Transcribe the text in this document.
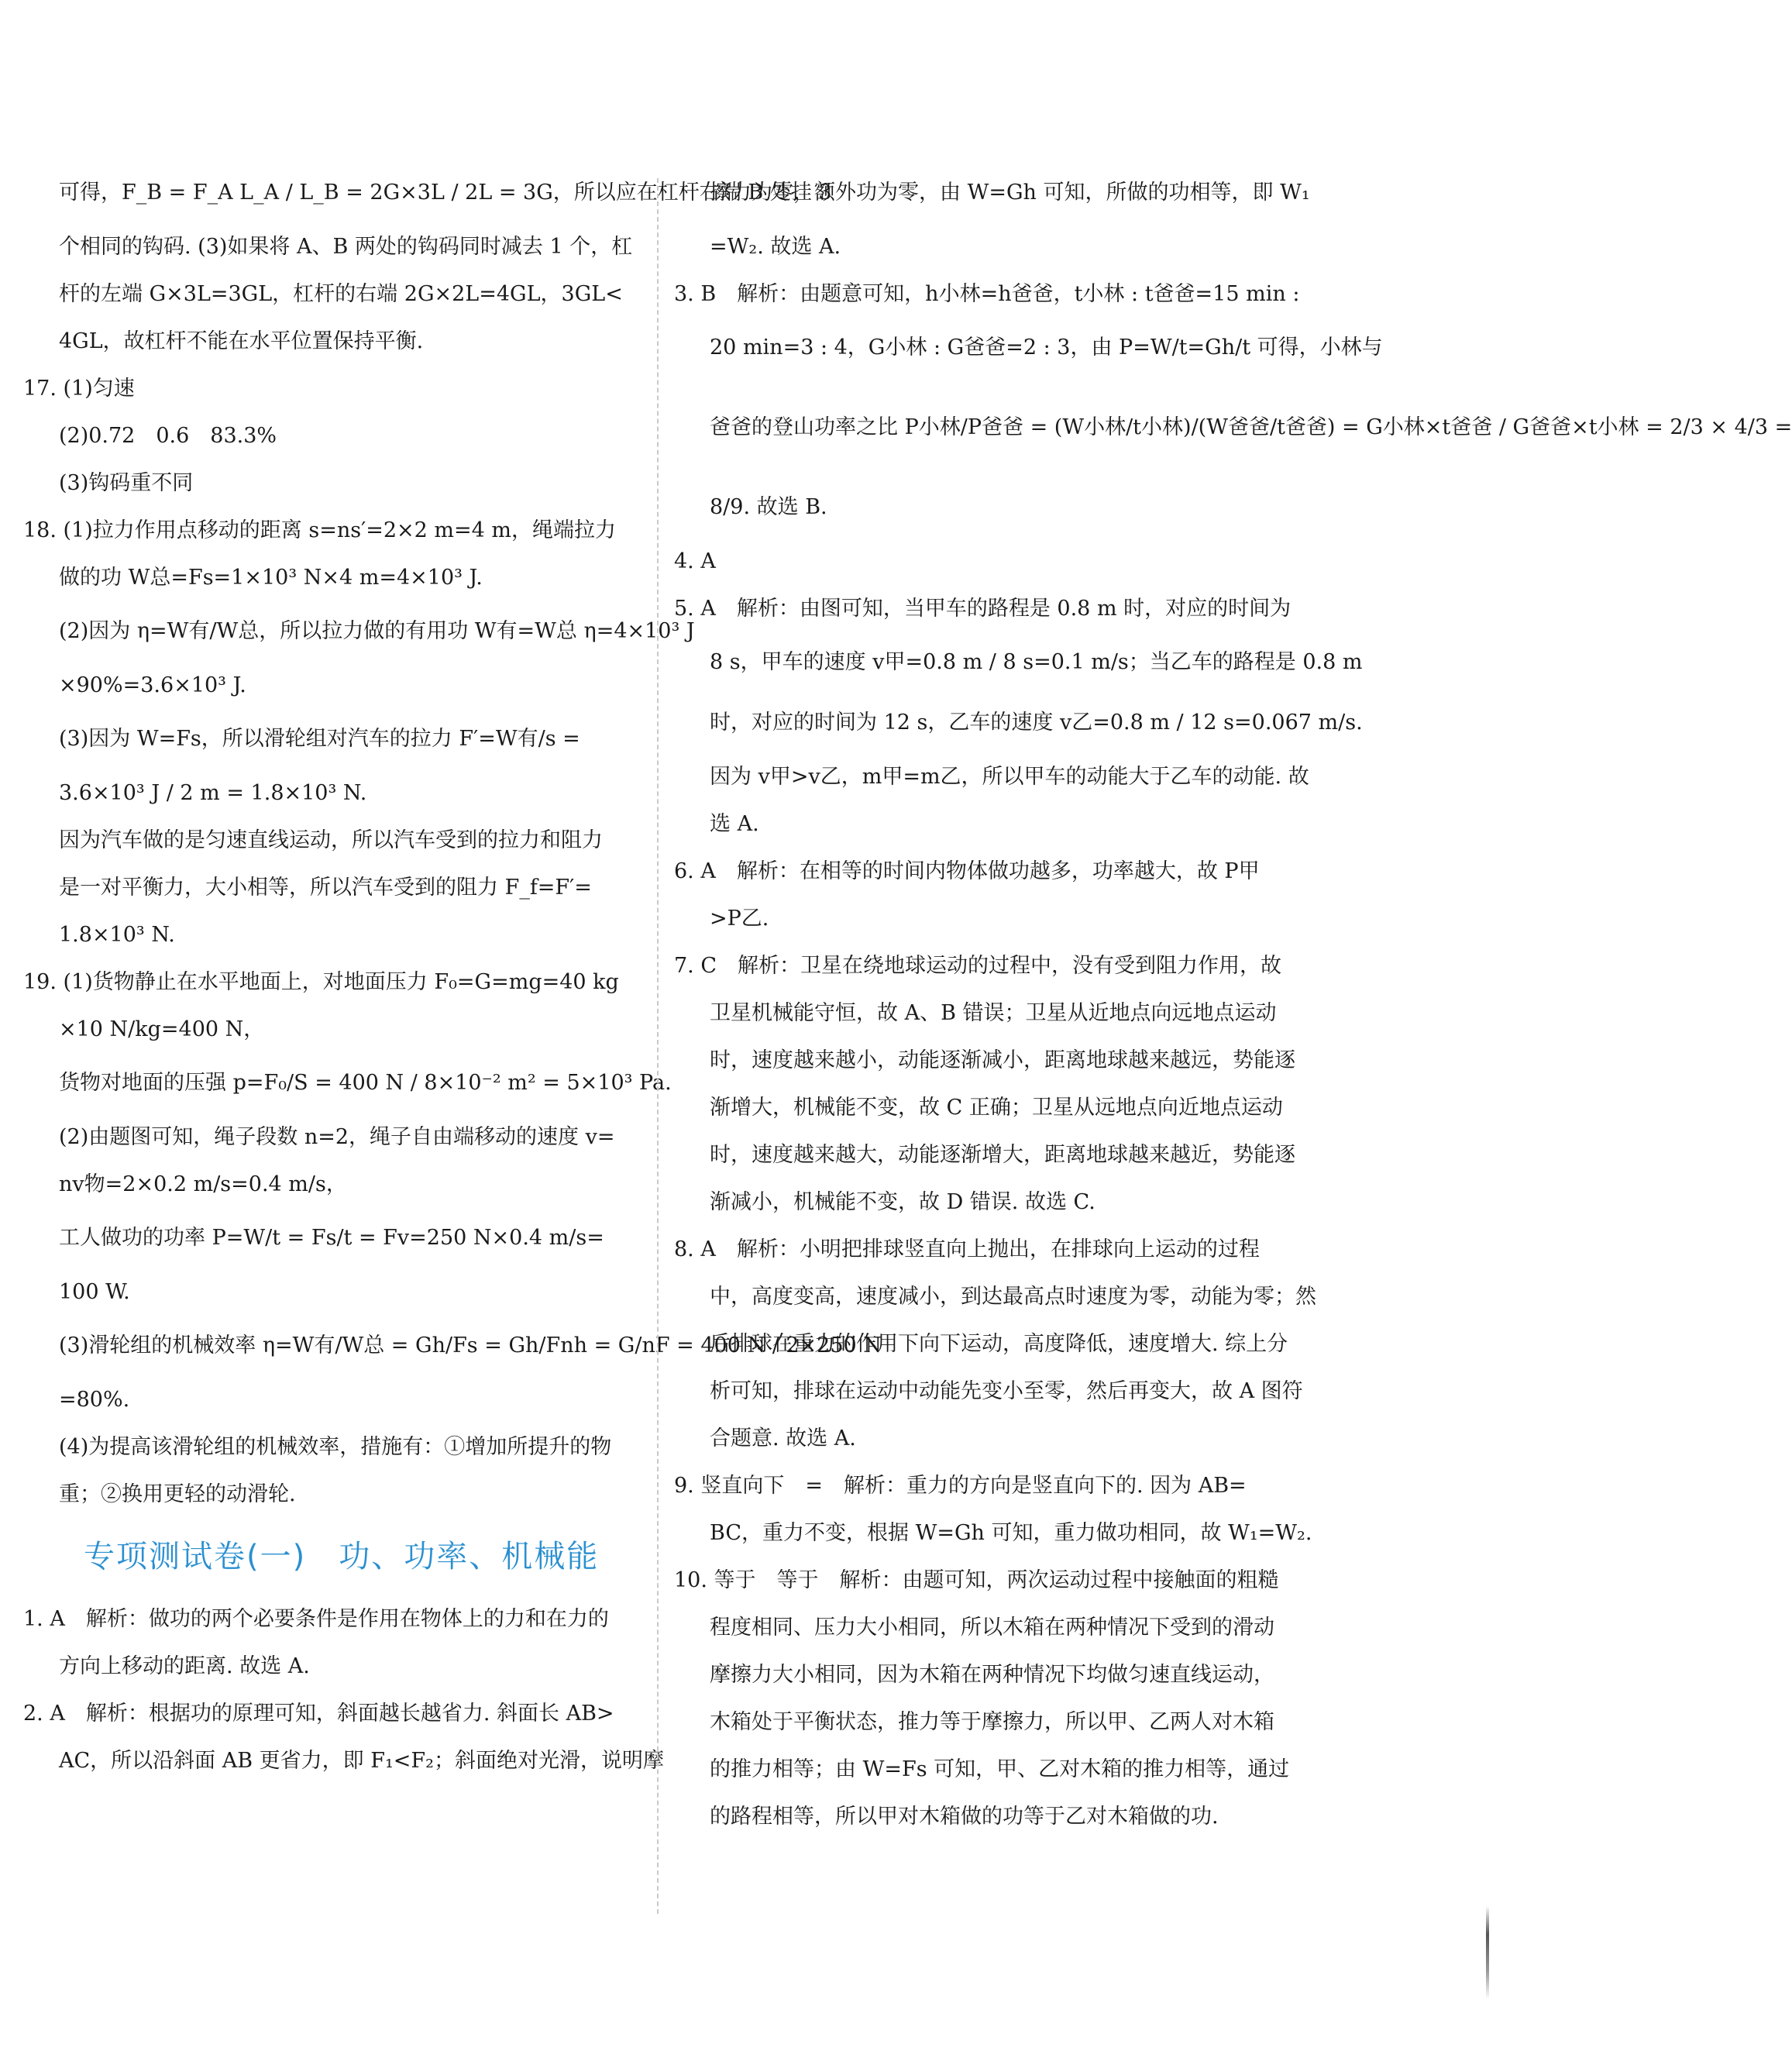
可得，F_B = F_A L_A / L_B = 2G×3L / 2L = 3G，所以应在杠杆右端 B 处挂 3
个相同的钩码. (3)如果将 A、B 两处的钩码同时减去 1 个，杠
杆的左端 G×3L=3GL，杠杆的右端 2G×2L=4GL，3GL<
4GL，故杠杆不能在水平位置保持平衡.
17. (1)匀速
(2)0.72　0.6　83.3%
(3)钩码重不同
18. (1)拉力作用点移动的距离 s=ns′=2×2 m=4 m，绳端拉力
做的功 W总=Fs=1×10³ N×4 m=4×10³ J.
(2)因为 η=W有/W总，所以拉力做的有用功 W有=W总 η=4×10³ J
×90%=3.6×10³ J.
(3)因为 W=Fs，所以滑轮组对汽车的拉力 F′=W有/s =
3.6×10³ J / 2 m = 1.8×10³ N.
因为汽车做的是匀速直线运动，所以汽车受到的拉力和阻力
是一对平衡力，大小相等，所以汽车受到的阻力 F_f=F′=
1.8×10³ N.
19. (1)货物静止在水平地面上，对地面压力 F₀=G=mg=40 kg
×10 N/kg=400 N，
货物对地面的压强 p=F₀/S = 400 N / 8×10⁻² m² = 5×10³ Pa.
(2)由题图可知，绳子段数 n=2，绳子自由端移动的速度 v=
nv物=2×0.2 m/s=0.4 m/s，
工人做功的功率 P=W/t = Fs/t = Fv=250 N×0.4 m/s=
100 W.
(3)滑轮组的机械效率 η=W有/W总 = Gh/Fs = Gh/Fnh = G/nF = 400 N / 2×250 N
=80%.
(4)为提高该滑轮组的机械效率，措施有：①增加所提升的物
重；②换用更轻的动滑轮.
专项测试卷(一)　功、功率、机械能
1. A　解析：做功的两个必要条件是作用在物体上的力和在力的
方向上移动的距离. 故选 A.
2. A　解析：根据功的原理可知，斜面越长越省力. 斜面长 AB>
AC，所以沿斜面 AB 更省力，即 F₁<F₂；斜面绝对光滑，说明摩
擦力为零，额外功为零，由 W=Gh 可知，所做的功相等，即 W₁
=W₂. 故选 A.
3. B　解析：由题意可知，h小林=h爸爸，t小林 : t爸爸=15 min :
20 min=3 : 4，G小林 : G爸爸=2 : 3，由 P=W/t=Gh/t 可得，小林与
爸爸的登山功率之比 P小林/P爸爸 = (W小林/t小林)/(W爸爸/t爸爸) = G小林×t爸爸 / G爸爸×t小林 = 2/3 × 4/3 =
8/9. 故选 B.
4. A
5. A　解析：由图可知，当甲车的路程是 0.8 m 时，对应的时间为
8 s，甲车的速度 v甲=0.8 m / 8 s=0.1 m/s；当乙车的路程是 0.8 m
时，对应的时间为 12 s，乙车的速度 v乙=0.8 m / 12 s=0.067 m/s.
因为 v甲>v乙，m甲=m乙，所以甲车的动能大于乙车的动能. 故
选 A.
6. A　解析：在相等的时间内物体做功越多，功率越大，故 P甲
>P乙.
7. C　解析：卫星在绕地球运动的过程中，没有受到阻力作用，故
卫星机械能守恒，故 A、B 错误；卫星从近地点向远地点运动
时，速度越来越小，动能逐渐减小，距离地球越来越远，势能逐
渐增大，机械能不变，故 C 正确；卫星从远地点向近地点运动
时，速度越来越大，动能逐渐增大，距离地球越来越近，势能逐
渐减小，机械能不变，故 D 错误. 故选 C.
8. A　解析：小明把排球竖直向上抛出，在排球向上运动的过程
中，高度变高，速度减小，到达最高点时速度为零，动能为零；然
后排球在重力的作用下向下运动，高度降低，速度增大. 综上分
析可知，排球在运动中动能先变小至零，然后再变大，故 A 图符
合题意. 故选 A.
9. 竖直向下　=　解析：重力的方向是竖直向下的. 因为 AB=
BC，重力不变，根据 W=Gh 可知，重力做功相同，故 W₁=W₂.
10. 等于　等于　解析：由题可知，两次运动过程中接触面的粗糙
程度相同、压力大小相同，所以木箱在两种情况下受到的滑动
摩擦力大小相同，因为木箱在两种情况下均做匀速直线运动，
木箱处于平衡状态，推力等于摩擦力，所以甲、乙两人对木箱
的推力相等；由 W=Fs 可知，甲、乙对木箱的推力相等，通过
的路程相等，所以甲对木箱做的功等于乙对木箱做的功.
